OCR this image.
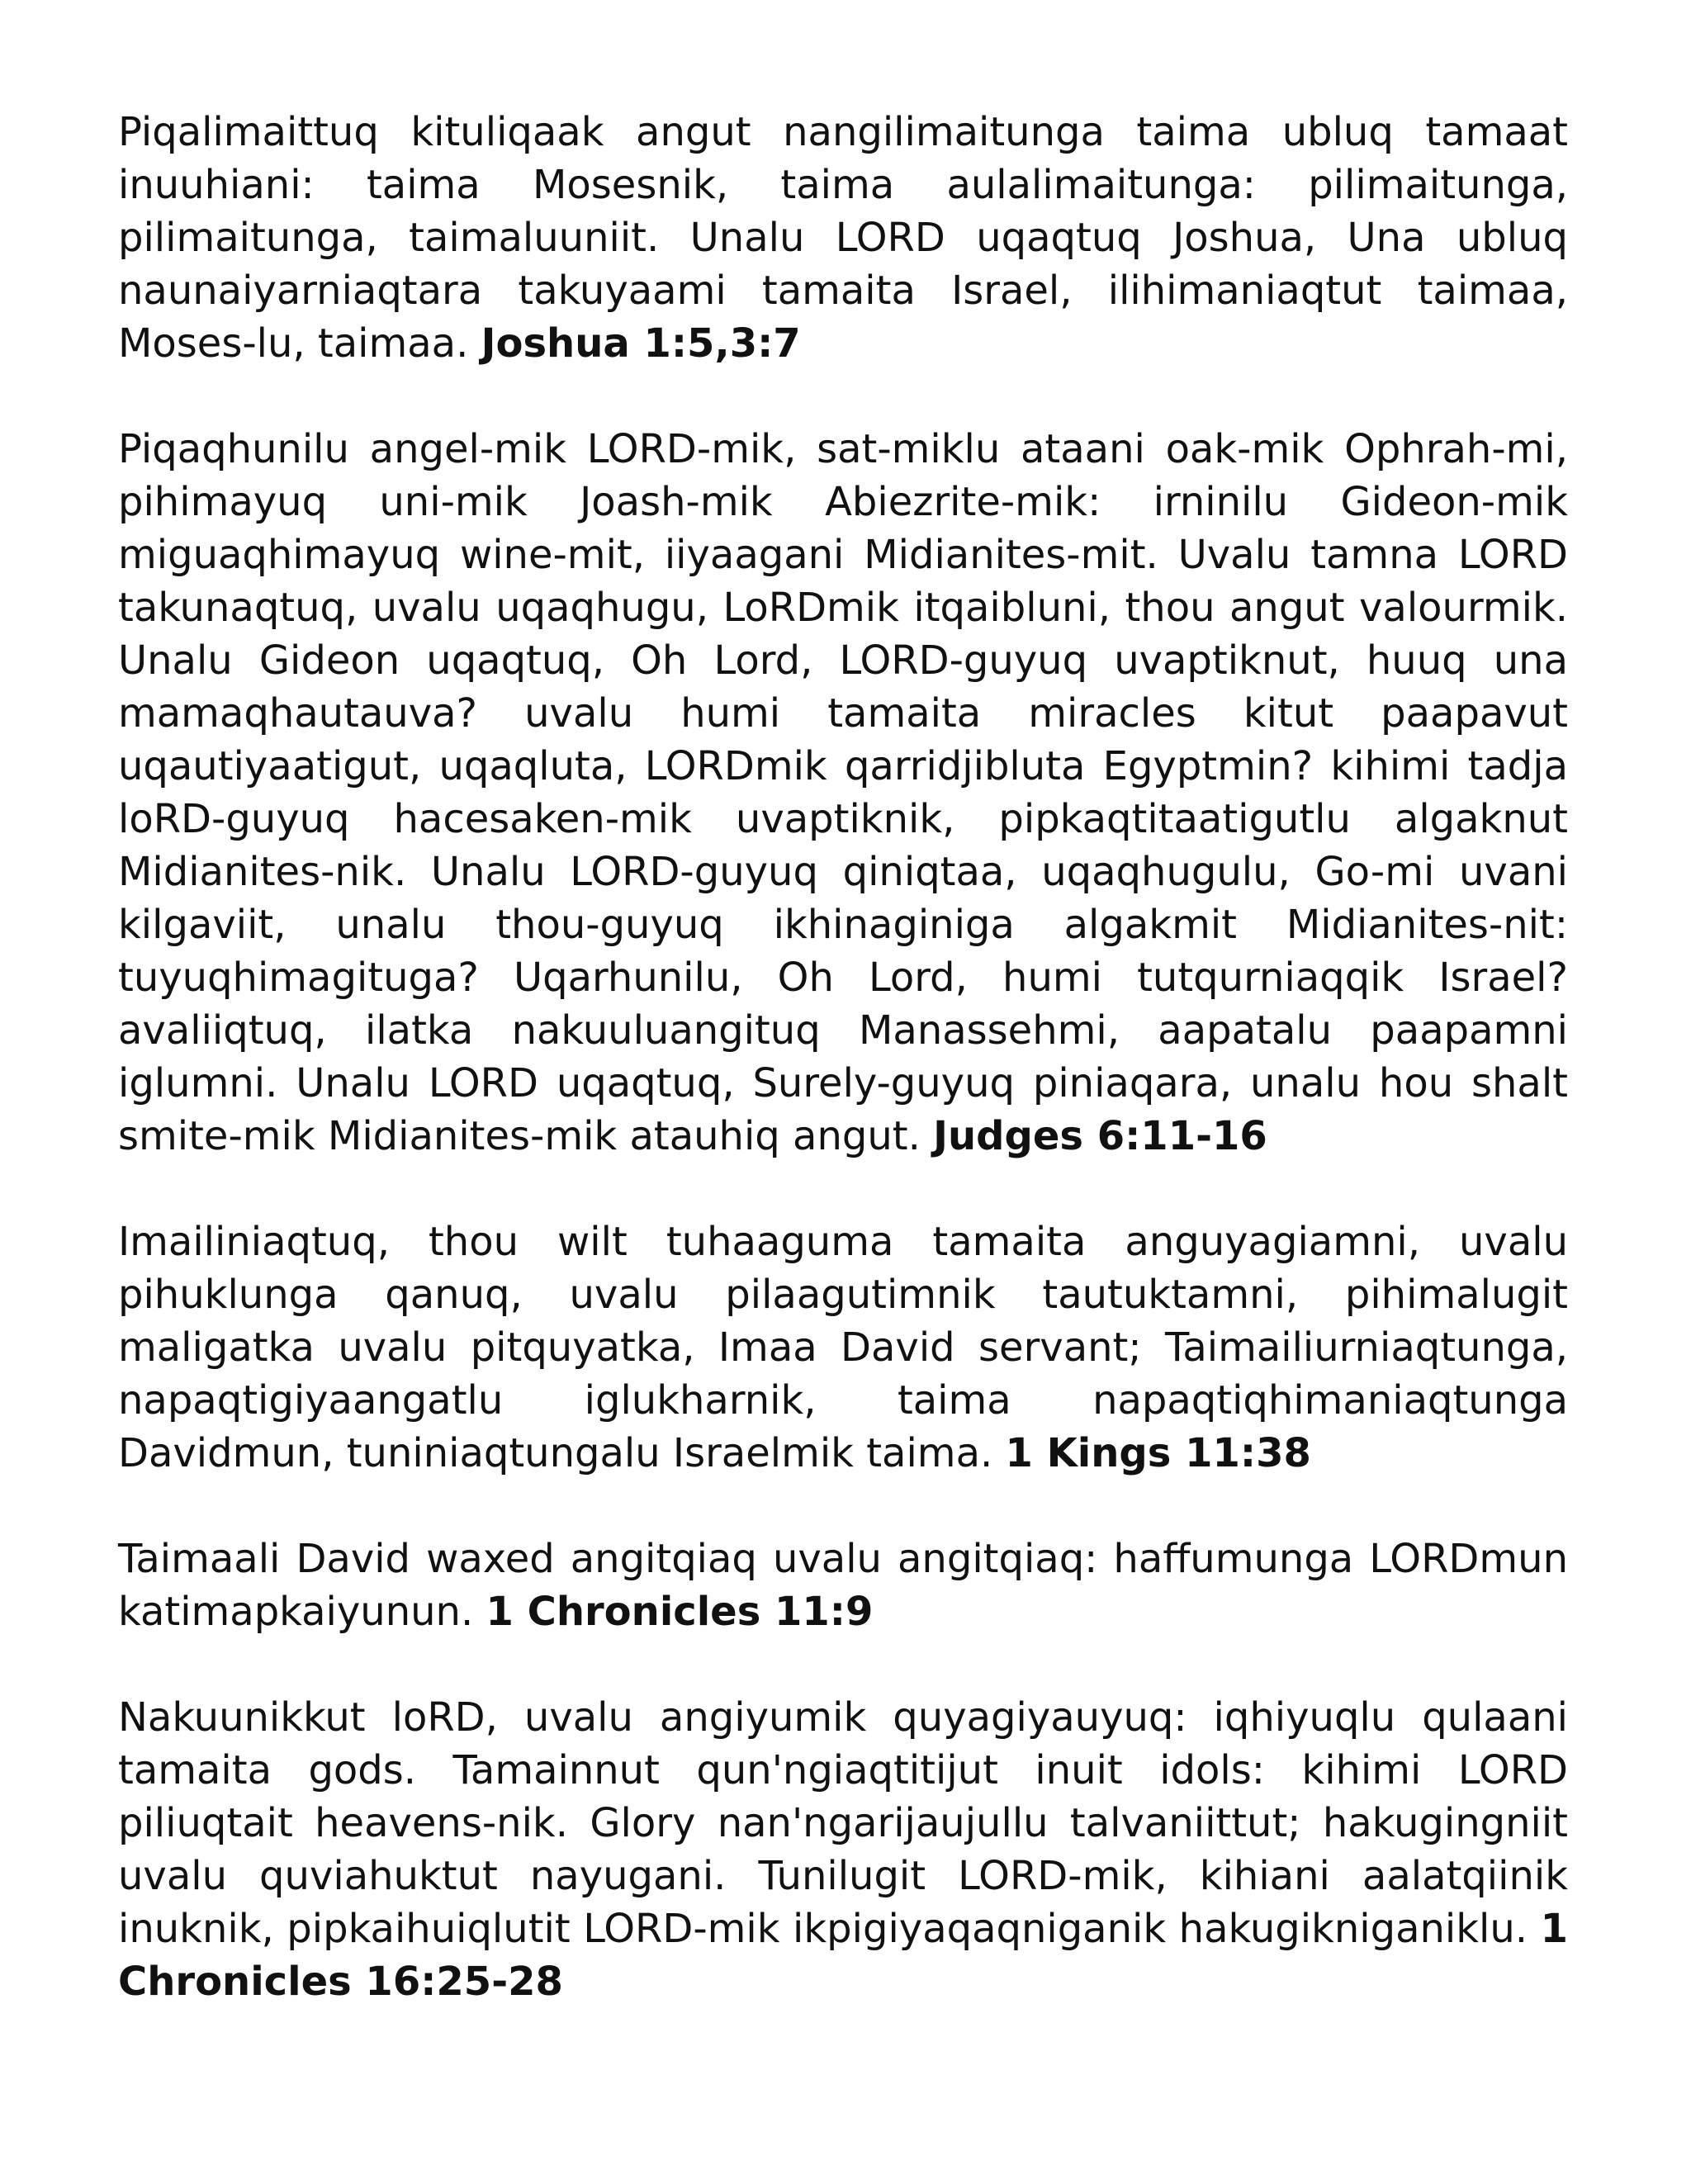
Piqalimaittuq kituliqaak angut nangilimaitunga taima ubluq tamaat inuuhiani: taima Mosesnik, taima aulalimaitunga: pilimaitunga, pilimaitunga, taimaluuniit. Unalu LORD uqaqtuq Joshua, Una ubluq naunaiyarniaqtara takuyaami tamaita Israel, ilihimaniaqtut taimaa, Moses-lu, taimaa. Joshua 1:5,3:7

Piqaqhunilu angel-mik LORD-mik, sat-miklu ataani oak-mik Ophrah-mi, pihimayuq uni-mik Joash-mik Abiezrite-mik: irninilu Gideon-mik miguaqhimayuq wine-mit, iiyaagani Midianites-mit. Uvalu tamna LORD takunaqtuq, uvalu uqaqhugu, LoRDmik itqaibluni, thou angut valourmik. Unalu Gideon uqaqtuq, Oh Lord, LORD-guyuq uvaptiknut, huuq una mamaqhautauva? uvalu humi tamaita miracles kitut paapavut uqautiyaatigut, uqaqluta, LORDmik qarridjibluta Egyptmin? kihimi tadja loRD-guyuq hacesaken-mik uvaptiknik, pipkaqtitaatigutlu algaknut Midianites-nik. Unalu LORD-guyuq qiniqtaa, uqaqhugulu, Go-mi uvani kilgaviit, unalu thou-guyuq ikhinaginiga algakmit Midianites-nit: tuyuqhimagituga? Uqarhunilu, Oh Lord, humi tutqurniaqqik Israel? avaliiqtuq, ilatka nakuuluangituq Manassehmi, aapatalu paapamni iglumni. Unalu LORD uqaqtuq, Surely-guyuq piniaqara, unalu hou shalt smite-mik Midianites-mik atauhiq angut. Judges 6:11-16

Imailiniaqtuq, thou wilt tuhaaguma tamaita anguyagiamni, uvalu pihuklunga qanuq, uvalu pilaagutimnik tautuktamni, pihimalugit maligatka uvalu pitquyatka, Imaa David servant; Taimailiurniaqtunga, napaqtigiyaangatlu iglukharnik, taima napaqtiqhimaniaqtunga Davidmun, tuniniaqtungalu Israelmik taima. 1 Kings 11:38

Taimaali David waxed angitqiaq uvalu angitqiaq: haffumunga LORDmun katimapkaiyunun. 1 Chronicles 11:9

Nakuunikkut loRD, uvalu angiyumik quyagiyauyuq: iqhiyuqlu qulaani tamaita gods. Tamainnut qun'ngiaqtitijut inuit idols: kihimi LORD piliuqtait heavens-nik. Glory nan'ngarijaujullu talvaniittut; hakugingniit uvalu quviahuktut nayugani. Tunilugit LORD-mik, kihiani aalatqiinik inuknik, pipkaihuiqlutit LORD-mik ikpigiyaqaqniganik hakugikniganiklu. 1 Chronicles 16:25-28
